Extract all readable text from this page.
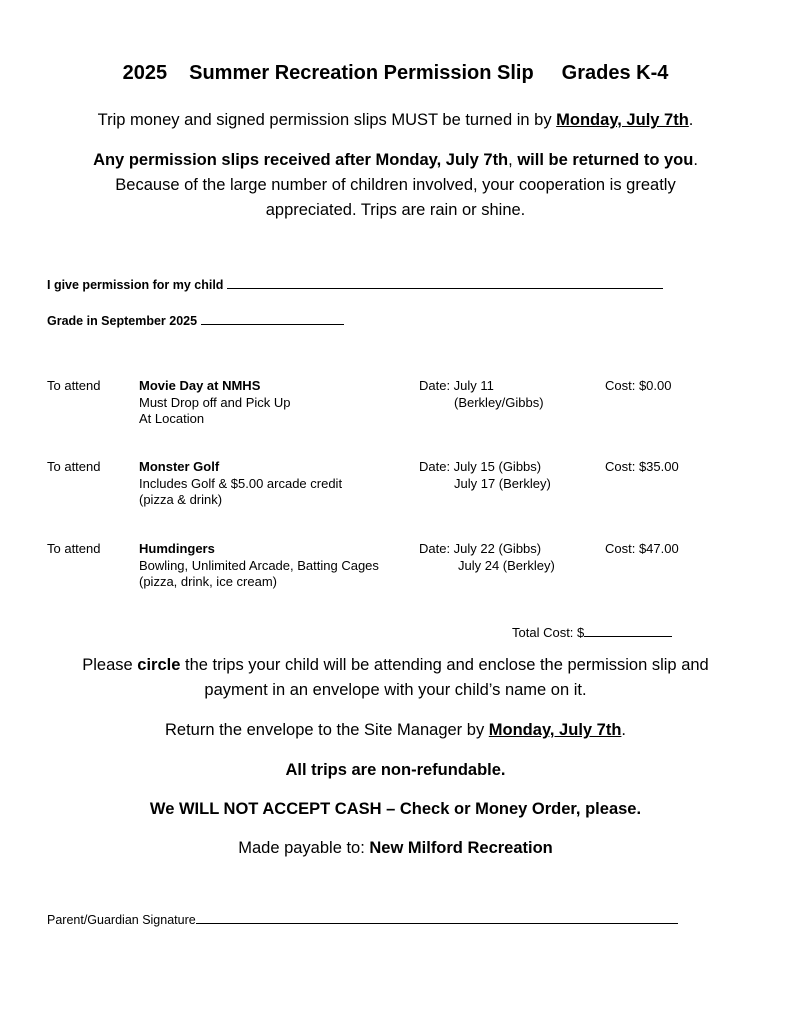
2025 Summer Recreation Permission Slip Grades K-4
Trip money and signed permission slips MUST be turned in by Monday, July 7th.
Any permission slips received after Monday, July 7th, will be returned to you.
Because of the large number of children involved, your cooperation is greatly
appreciated. Trips are rain or shine.
I give permission for my child
Grade in September 2025
To attend	Movie Day at NMHS
Must Drop off and Pick Up
At Location
Date: July 11
(Berkley/Gibbs)
Cost: $0.00
To attend	Monster Golf
Includes Golf & $5.00 arcade credit
(pizza & drink)
Date: July 15 (Gibbs)
July 17 (Berkley)
Cost: $35.00
To attend	Humdingers
Bowling, Unlimited Arcade, Batting Cages
(pizza, drink, ice cream)
Date: July 22 (Gibbs)
July 24 (Berkley)
Cost: $47.00
Total Cost: $
Please circle the trips your child will be attending and enclose the permission slip and
payment in an envelope with your child’s name on it.
Return the envelope to the Site Manager by Monday, July 7th.
All trips are non-refundable.
We WILL NOT ACCEPT CASH – Check or Money Order, please.
Made payable to: New Milford Recreation
Parent/Guardian Signature
